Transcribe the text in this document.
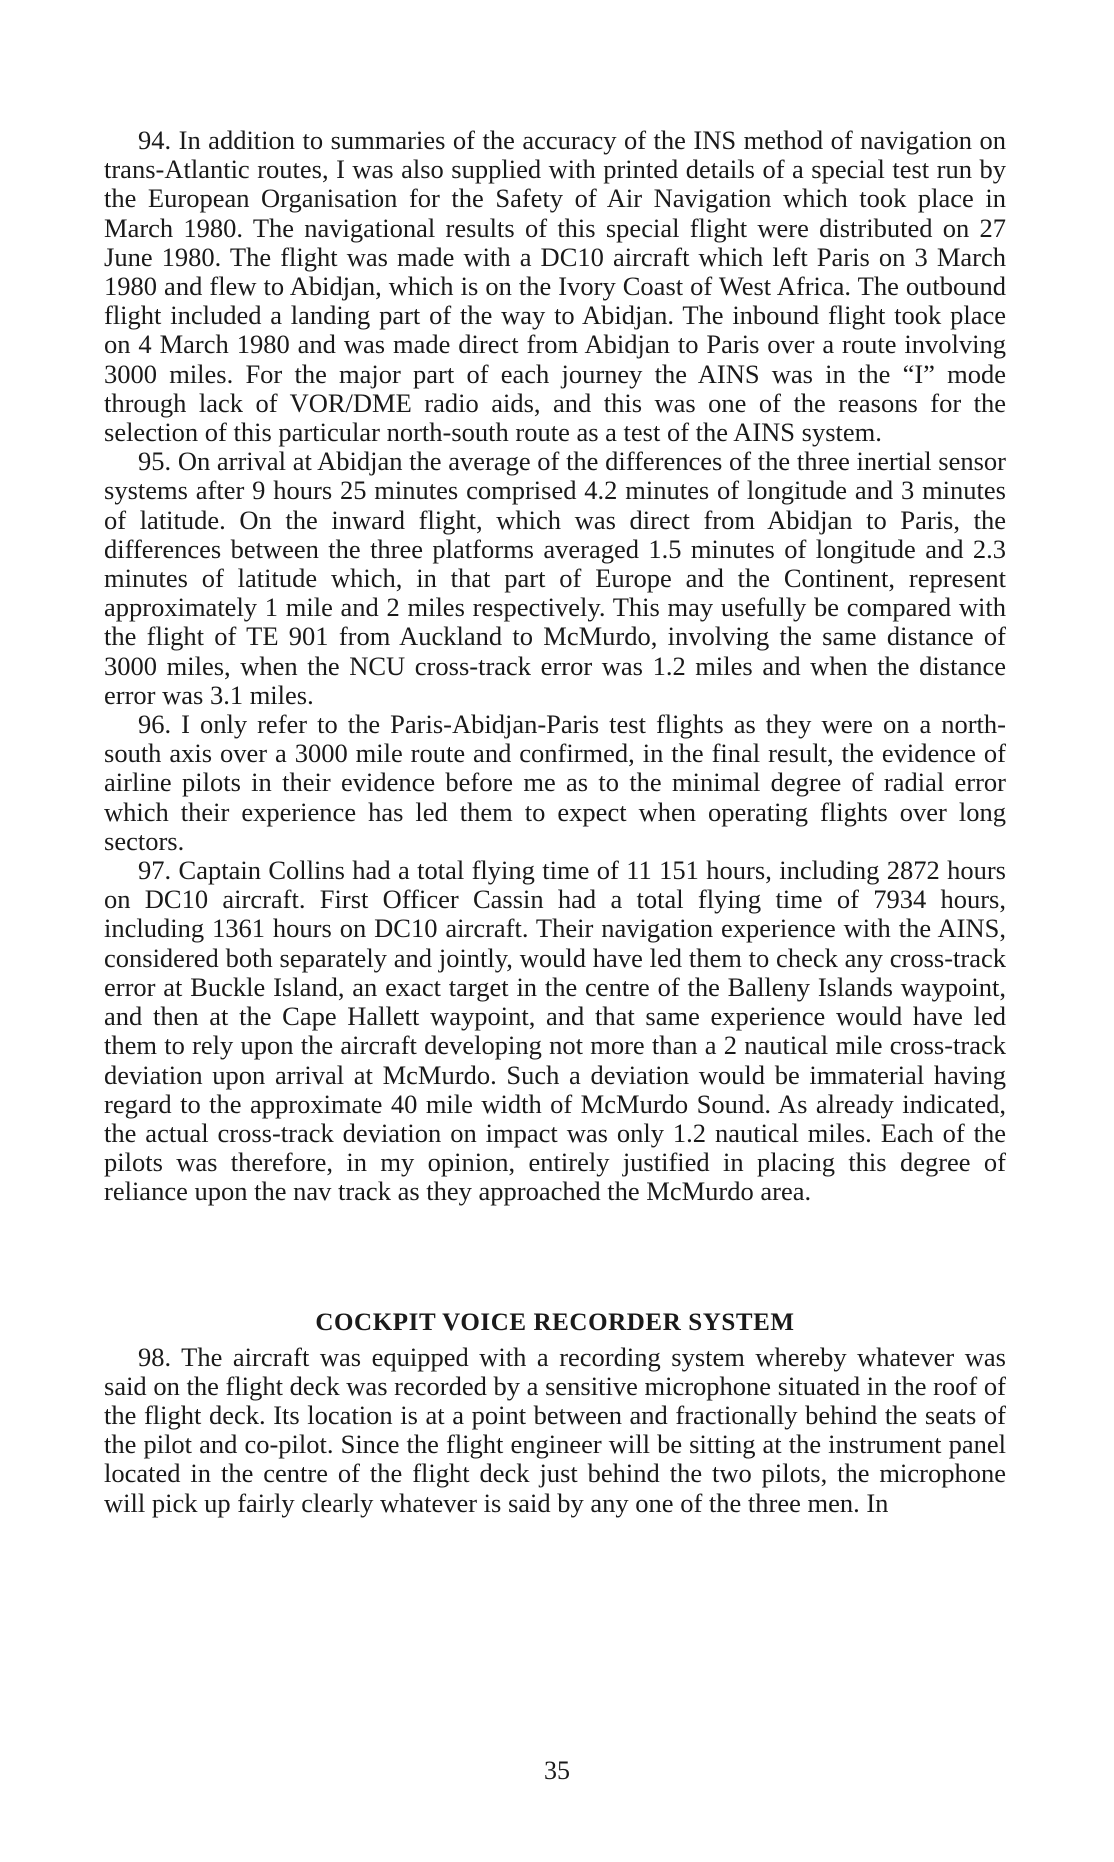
94. In addition to summaries of the accuracy of the INS method of navigation on trans-Atlantic routes, I was also supplied with printed details of a special test run by the European Organisation for the Safety of Air Navigation which took place in March 1980. The navigational results of this special flight were distributed on 27 June 1980. The flight was made with a DC10 aircraft which left Paris on 3 March 1980 and flew to Abidjan, which is on the Ivory Coast of West Africa. The outbound flight included a landing part of the way to Abidjan. The inbound flight took place on 4 March 1980 and was made direct from Abidjan to Paris over a route involving 3000 miles. For the major part of each journey the AINS was in the “I” mode through lack of VOR/DME radio aids, and this was one of the reasons for the selection of this particular north-south route as a test of the AINS system.

95. On arrival at Abidjan the average of the differences of the three inertial sensor systems after 9 hours 25 minutes comprised 4.2 minutes of longitude and 3 minutes of latitude. On the inward flight, which was direct from Abidjan to Paris, the differences between the three platforms averaged 1.5 minutes of longitude and 2.3 minutes of latitude which, in that part of Europe and the Continent, represent approximately 1 mile and 2 miles respectively. This may usefully be compared with the flight of TE 901 from Auckland to McMurdo, involving the same distance of 3000 miles, when the NCU cross-track error was 1.2 miles and when the distance error was 3.1 miles.

96. I only refer to the Paris-Abidjan-Paris test flights as they were on a north-south axis over a 3000 mile route and confirmed, in the final result, the evidence of airline pilots in their evidence before me as to the minimal degree of radial error which their experience has led them to expect when operating flights over long sectors.

97. Captain Collins had a total flying time of 11 151 hours, including 2872 hours on DC10 aircraft. First Officer Cassin had a total flying time of 7934 hours, including 1361 hours on DC10 aircraft. Their navigation experience with the AINS, considered both separately and jointly, would have led them to check any cross-track error at Buckle Island, an exact target in the centre of the Balleny Islands waypoint, and then at the Cape Hallett waypoint, and that same experience would have led them to rely upon the aircraft developing not more than a 2 nautical mile cross-track deviation upon arrival at McMurdo. Such a deviation would be immaterial having regard to the approximate 40 mile width of McMurdo Sound. As already indicated, the actual cross-track deviation on impact was only 1.2 nautical miles. Each of the pilots was therefore, in my opinion, entirely justified in placing this degree of reliance upon the nav track as they approached the McMurdo area.

COCKPIT VOICE RECORDER SYSTEM

98. The aircraft was equipped with a recording system whereby whatever was said on the flight deck was recorded by a sensitive microphone situated in the roof of the flight deck. Its location is at a point between and fractionally behind the seats of the pilot and co-pilot. Since the flight engineer will be sitting at the instrument panel located in the centre of the flight deck just behind the two pilots, the microphone will pick up fairly clearly whatever is said by any one of the three men. In

35
